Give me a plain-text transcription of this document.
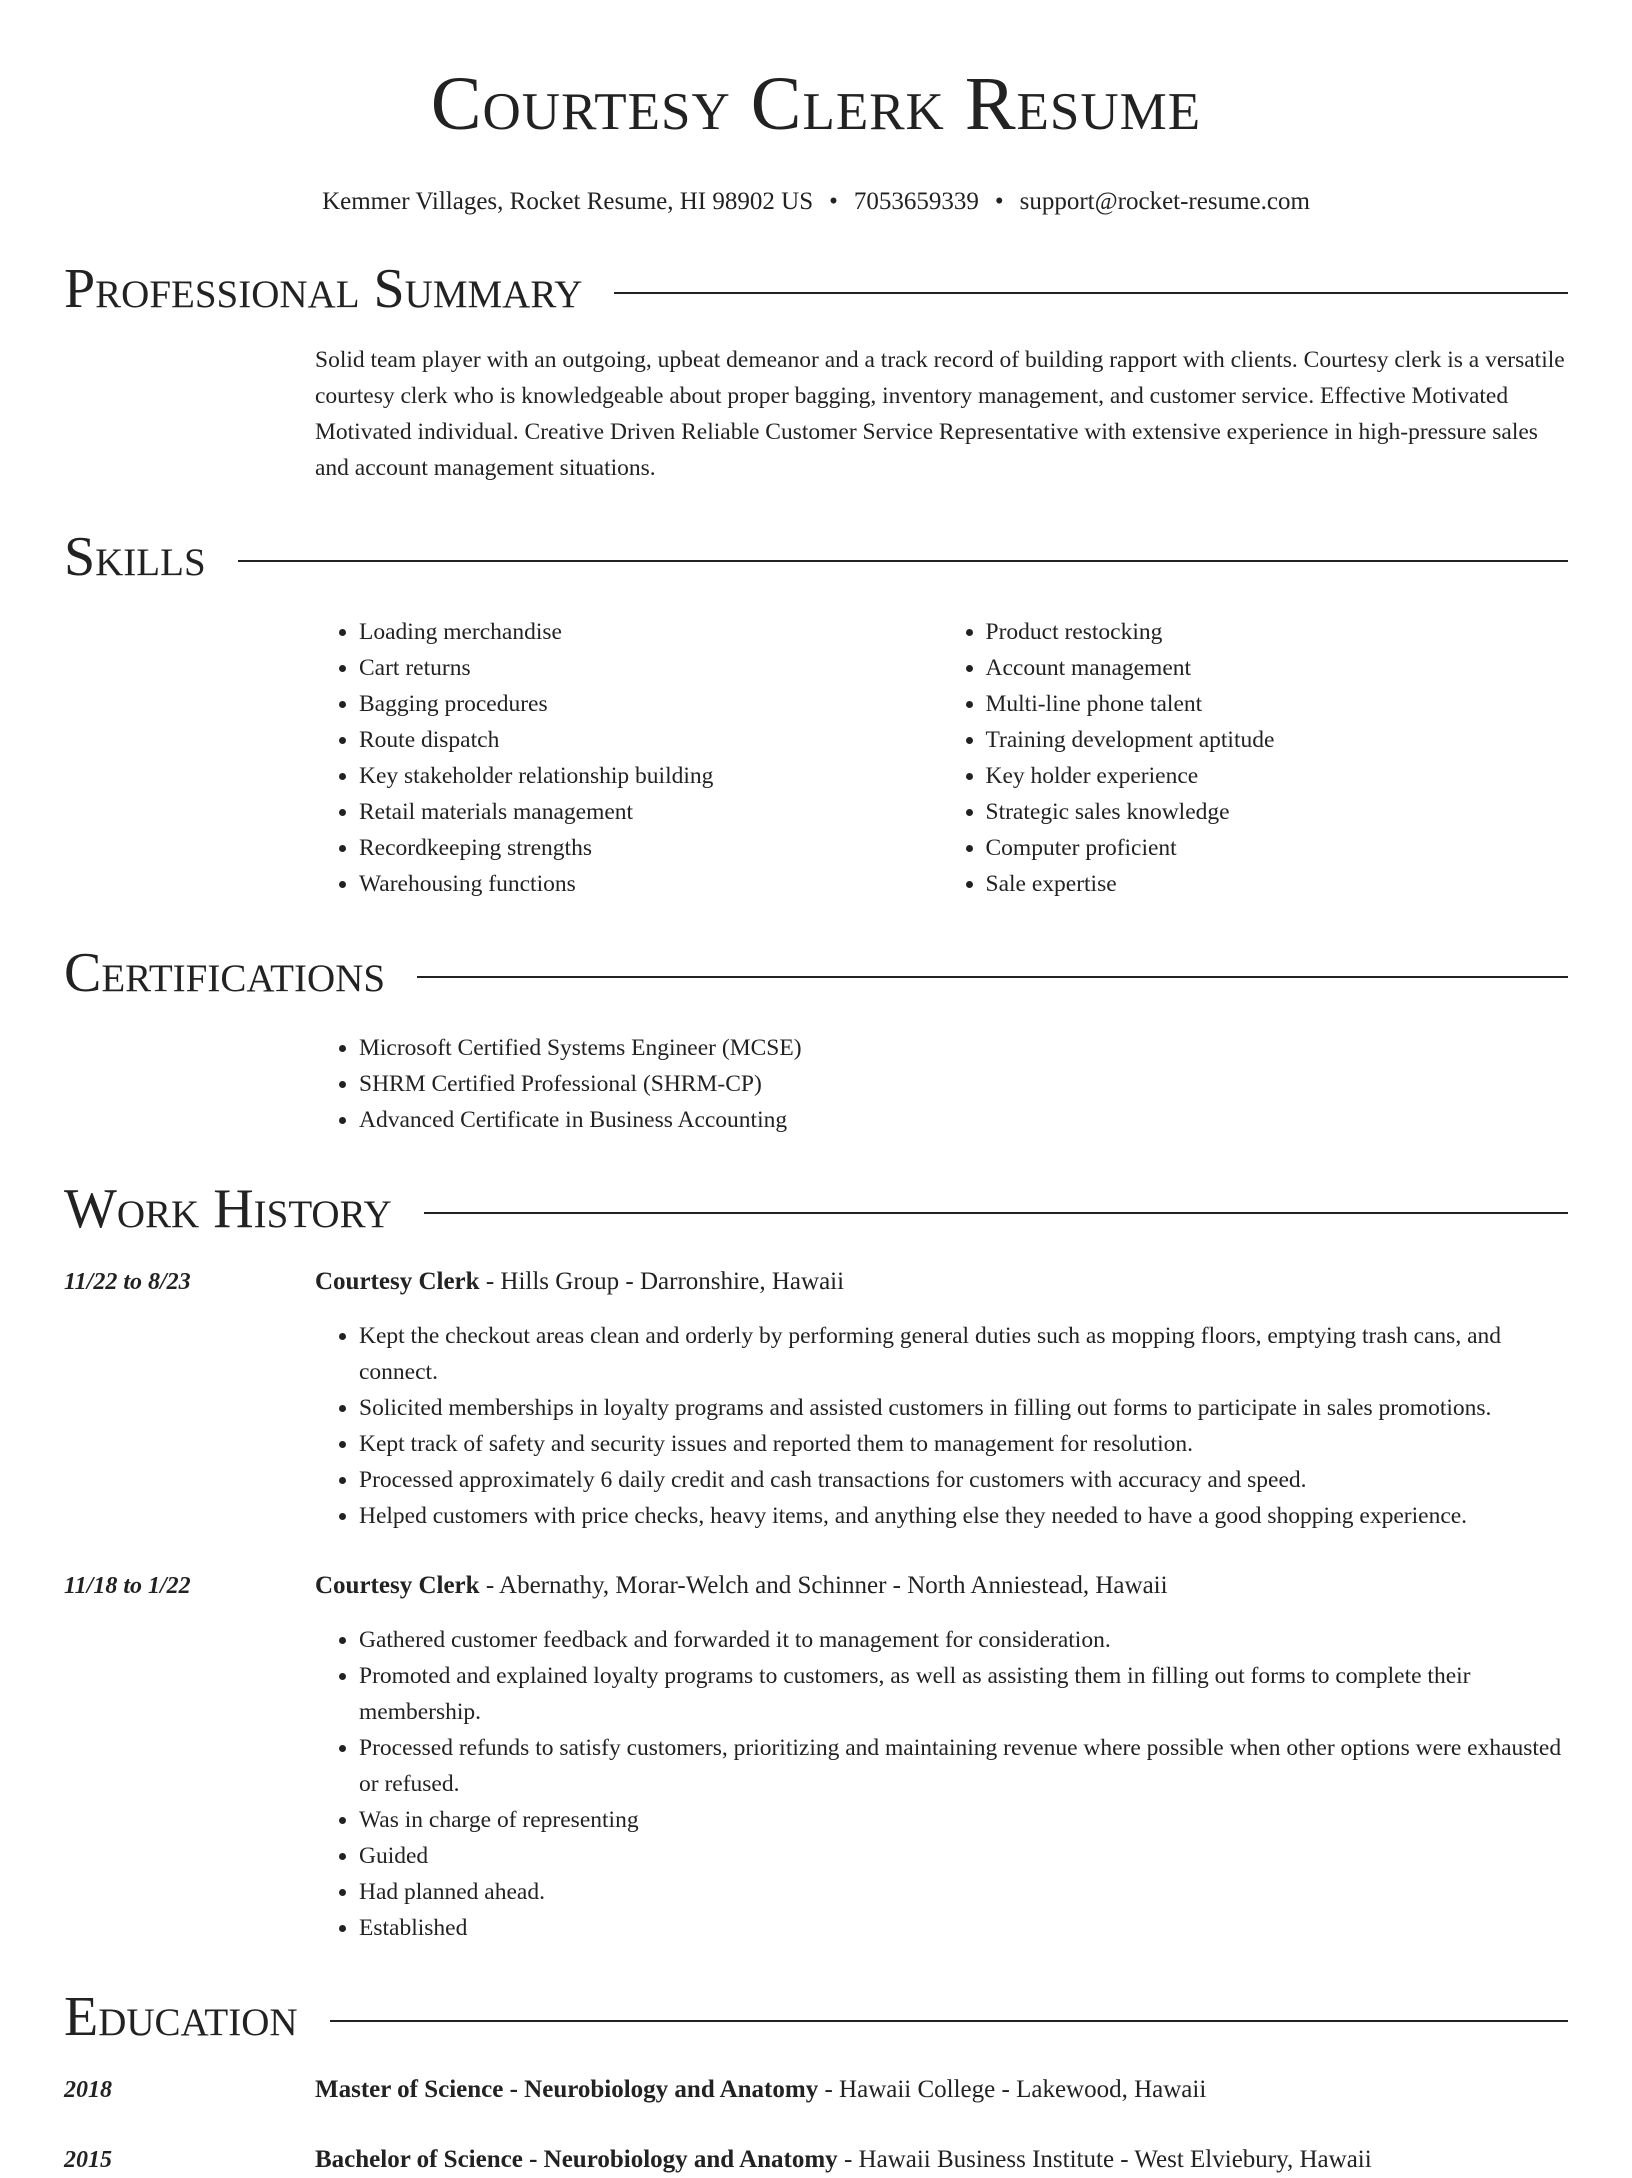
Courtesy Clerk Resume
Kemmer Villages, Rocket Resume, HI 98902 US • 7053659339 • support@rocket-resume.com
Professional Summary
Solid team player with an outgoing, upbeat demeanor and a track record of building rapport with clients. Courtesy clerk is a versatile courtesy clerk who is knowledgeable about proper bagging, inventory management, and customer service. Effective Motivated Motivated individual. Creative Driven Reliable Customer Service Representative with extensive experience in high-pressure sales and account management situations.
Skills
• Loading merchandise
• Cart returns
• Bagging procedures
• Route dispatch
• Key stakeholder relationship building
• Retail materials management
• Recordkeeping strengths
• Warehousing functions
• Product restocking
• Account management
• Multi-line phone talent
• Training development aptitude
• Key holder experience
• Strategic sales knowledge
• Computer proficient
• Sale expertise
Certifications
• Microsoft Certified Systems Engineer (MCSE)
• SHRM Certified Professional (SHRM-CP)
• Advanced Certificate in Business Accounting
Work History
11/22 to 8/23	Courtesy Clerk - Hills Group - Darronshire, Hawaii
• Kept the checkout areas clean and orderly by performing general duties such as mopping floors, emptying trash cans, and connect.
• Solicited memberships in loyalty programs and assisted customers in filling out forms to participate in sales promotions.
• Kept track of safety and security issues and reported them to management for resolution.
• Processed approximately 6 daily credit and cash transactions for customers with accuracy and speed.
• Helped customers with price checks, heavy items, and anything else they needed to have a good shopping experience.
11/18 to 1/22	Courtesy Clerk - Abernathy, Morar-Welch and Schinner - North Anniestead, Hawaii
• Gathered customer feedback and forwarded it to management for consideration.
• Promoted and explained loyalty programs to customers, as well as assisting them in filling out forms to complete their membership.
• Processed refunds to satisfy customers, prioritizing and maintaining revenue where possible when other options were exhausted or refused.
• Was in charge of representing
• Guided
• Had planned ahead.
• Established
Education
2018	Master of Science - Neurobiology and Anatomy - Hawaii College - Lakewood, Hawaii
2015	Bachelor of Science - Neurobiology and Anatomy - Hawaii Business Institute - West Elviebury, Hawaii
